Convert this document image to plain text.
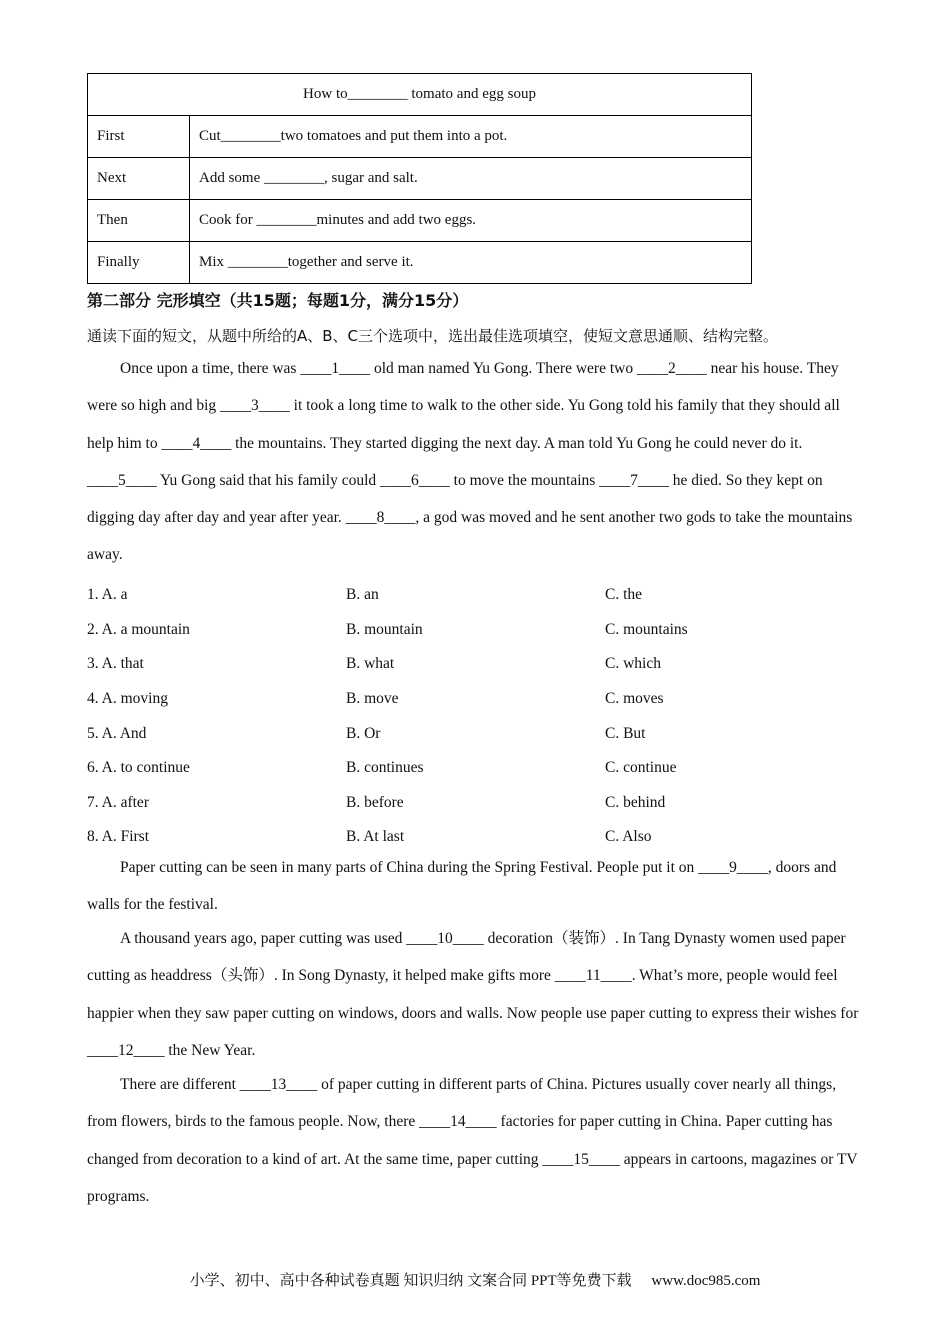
How to________ tomato and egg soup	
First	Cut________two tomatoes and put them into a pot.
Next	Add some ________, sugar and salt.
Then	Cook for ________minutes and add two eggs.
Finally	Mix ________together and serve it.
第二部分 完形填空（共15题；每题1分，满分15分）
通读下面的短文，从题中所给的A、B、C三个选项中，选出最佳选项填空，使短文意思通顺、结构完整。

Once upon a time, there was ____1____ old man named Yu Gong. There were two ____2____ near his house. They were so high and big ____3____ it took a long time to walk to the other side. Yu Gong told his family that they should all help him to ____4____ the mountains. They started digging the next day. A man told Yu Gong he could never do it. ____5____ Yu Gong said that his family could ____6____ to move the mountains ____7____ he died. So they kept on digging day after day and year after year. ____8____, a god was moved and he sent another two gods to take the mountains away.

1. A. a	B. an	C. the
2. A. a mountain	B. mountain	C. mountains
3. A. that	B. what	C. which
4. A. moving	B. move	C. moves
5. A. And	B. Or	C. But
6. A. to continue	B. continues	C. continue
7. A. after	B. before	C. behind
8. A. First	B. At last	C. Also

Paper cutting can be seen in many parts of China during the Spring Festival. People put it on ____9____, doors and walls for the festival.

A thousand years ago, paper cutting was used ____10____ decoration（装饰）. In Tang Dynasty women used paper cutting as headdress（头饰）. In Song Dynasty, it helped make gifts more ____11____. What’s more, people would feel happier when they saw paper cutting on windows, doors and walls. Now people use paper cutting to express their wishes for ____12____ the New Year.

There are different ____13____ of paper cutting in different parts of China. Pictures usually cover nearly all things, from flowers, birds to the famous people. Now, there ____14____ factories for paper cutting in China. Paper cutting has changed from decoration to a kind of art. At the same time, paper cutting ____15____ appears in cartoons, magazines or TV programs.

小学、初中、高中各种试卷真题 知识归纳 文案合同 PPT等免费下载 www.doc985.com
